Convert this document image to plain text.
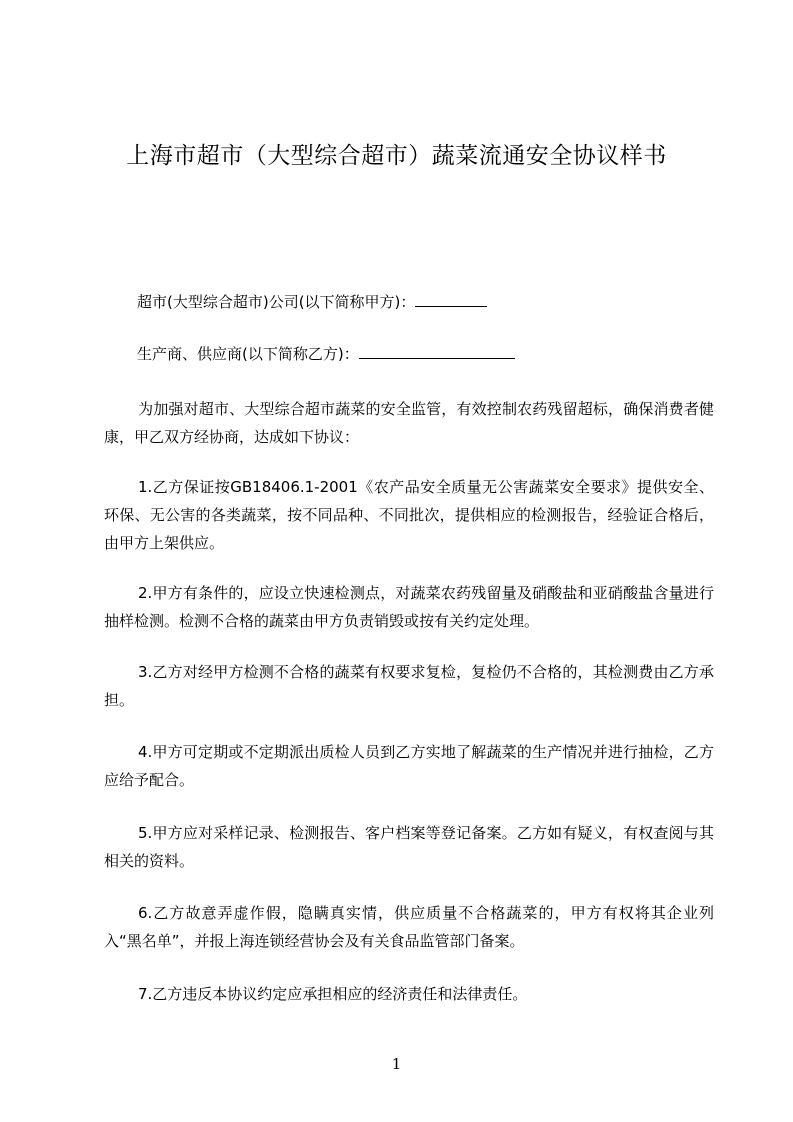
上海市超市（大型综合超市）蔬菜流通安全协议样书
超市(大型综合超市)公司(以下简称甲方)：
生产商、供应商(以下简称乙方)：
为加强对超市、大型综合超市蔬菜的安全监管，有效控制农药残留超标，确保消费者健康，甲乙双方经协商，达成如下协议：
1.乙方保证按GB18406.1-2001《农产品安全质量无公害蔬菜安全要求》提供安全、环保、无公害的各类蔬菜，按不同品种、不同批次，提供相应的检测报告，经验证合格后，由甲方上架供应。
2.甲方有条件的，应设立快速检测点，对蔬菜农药残留量及硝酸盐和亚硝酸盐含量进行抽样检测。检测不合格的蔬菜由甲方负责销毁或按有关约定处理。
3.乙方对经甲方检测不合格的蔬菜有权要求复检，复检仍不合格的，其检测费由乙方承担。
4.甲方可定期或不定期派出质检人员到乙方实地了解蔬菜的生产情况并进行抽检，乙方应给予配合。
5.甲方应对采样记录、检测报告、客户档案等登记备案。乙方如有疑义，有权查阅与其相关的资料。
6.乙方故意弄虚作假，隐瞒真实情，供应质量不合格蔬菜的，甲方有权将其企业列入“黑名单”，并报上海连锁经营协会及有关食品监管部门备案。
7.乙方违反本协议约定应承担相应的经济责任和法律责任。
1
